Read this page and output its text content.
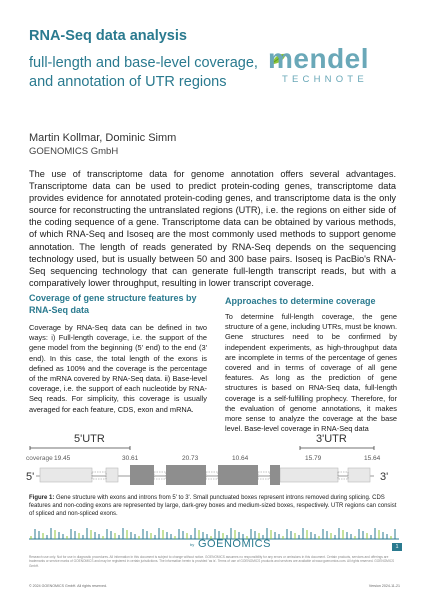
RNA-Seq data analysis
full-length and base-level coverage, and annotation of UTR regions
mendel
TECHNOTE
Martin Kollmar, Dominic Simm
GOENOMICS GmbH
The use of transcriptome data for genome annotation offers several advantages. Transcriptome data can be used to predict protein-coding genes, transcriptome data provides evidence for annotated protein-coding genes, and transcriptome data is the only source for reconstructing the untranslated regions (UTR), i.e. the regions on either side of the coding sequence of a gene. Transcriptome data can be obtained by various methods, of which RNA-Seq and Isoseq are the most commonly used methods to support genome annotation. The length of reads generated by RNA-Seq depends on the sequencing technology used, but is usually between 50 and 300 base pairs. Isoseq is PacBio's RNA-Seq sequencing technology that can generate full-length transcript reads, but with a comparatively lower throughput, resulting in lower transcript coverage.
Coverage of gene structure features by RNA-Seq data
Coverage by RNA-Seq data can be defined in two ways: i) Full-length coverage, i.e. the support of the gene model from the beginning (5' end) to the end (3' end). In this case, the total length of the exons is defined as 100% and the coverage is the percentage of the mRNA covered by RNA-Seq data. ii) Base-level coverage, i.e. the support of each nucleotide by RNA-Seq reads. For simplicity, this coverage is usually averaged for each feature, CDS, exon and mRNA.
Approaches to determine coverage
To determine full-length coverage, the gene structure of a gene, including UTRs, must be known. Gene structures need to be confirmed by independent experiments, as high-throughput data are incomplete in terms of the percentage of genes covered and in terms of coverage of all gene features. As long as the prediction of gene structures is based on RNA-Seq data, full-length coverage is a self-fulfilling prophecy. Therefore, for the evaluation of genome annotations, it makes more sense to analyze the coverage at the base level. Base-level coverage in RNA-Seq data
5'UTR	3'UTR
coverage 19.45	30.61	20.73	10.64	15.79	15.64
5'	3'
Figure 1: Gene structure with exons and introns from 5' to 3'. Small punctuated boxes represent introns removed during splicing. CDS features and non-coding exons are represented by large, dark-grey boxes and medium-sized boxes, respectively. UTR regions can consist of spliced and non-spliced exons.
by GOENOMICS	1
Research use only. Not for use in diagnostic procedures. All information in this document is subject to change without notice. GOENOMICS assumes no responsibility for any errors or omissions in this document. Certain products, services and offerings are trademarks or service marks of GOENOMICS and may be registered in certain jurisdictions. The information herein is provided 'as is'. Terms of use of GOENOMICS products and services are available at www.goenomics.com. All rights reserved. GOENOMICS GmbH.
© 2024 GOENOMICS GmbH. All rights reserved.	Version 2024-11-21
